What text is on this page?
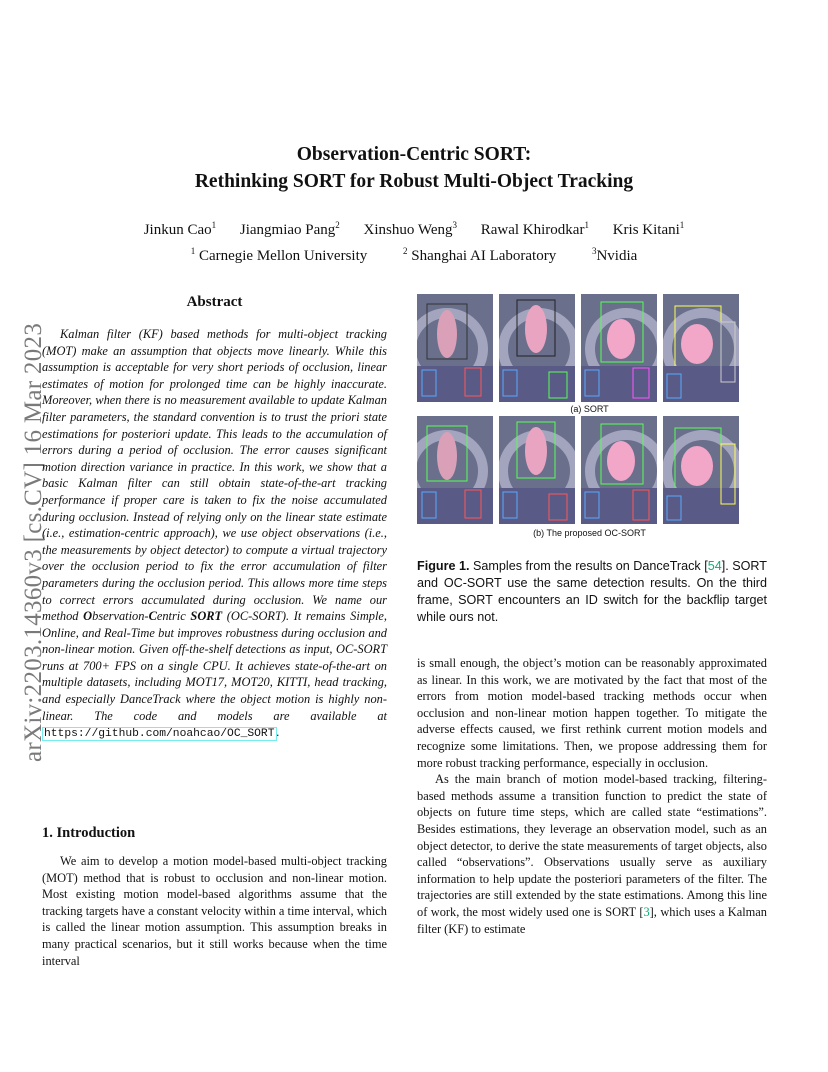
arXiv:2203.14360v3 [cs.CV] 16 Mar 2023
Observation-Centric SORT:
Rethinking SORT for Robust Multi-Object Tracking
Jinkun Cao$^1$ Jiangmiao Pang$^2$ Xinshuo Weng$^3$ Rawal Khirodkar$^1$ Kris Kitani$^1$
$^1$ Carnegie Mellon University	$^2$ Shanghai AI Laboratory	$^3$Nvidia
Abstract
Kalman filter (KF) based methods for multi-object tracking (MOT) make an assumption that objects move linearly. While this assumption is acceptable for very short periods of occlusion, linear estimates of motion for prolonged time can be highly inaccurate. Moreover, when there is no measurement available to update Kalman filter parameters, the standard convention is to trust the priori state estimations for posteriori update. This leads to the accumulation of errors during a period of occlusion. The error causes significant motion direction variance in practice. In this work, we show that a basic Kalman filter can still obtain state-of-the-art tracking performance if proper care is taken to fix the noise accumulated during occlusion. Instead of relying only on the linear state estimate (i.e., estimation-centric approach), we use object observations (i.e., the measurements by object detector) to compute a virtual trajectory over the occlusion period to fix the error accumulation of filter parameters during the occlusion period. This allows more time steps to correct errors accumulated during occlusion. We name our method Observation-Centric SORT (OC-SORT). It remains Simple, Online, and Real-Time but improves robustness during occlusion and non-linear motion. Given off-the-shelf detections as input, OC-SORT runs at 700+ FPS on a single CPU. It achieves state-of-the-art on multiple datasets, including MOT17, MOT20, KITTI, head tracking, and especially DanceTrack where the object motion is highly non-linear. The code and models are available at https://github.com/noahcao/OC_SORT .
1. Introduction
We aim to develop a motion model-based multi-object tracking (MOT) method that is robust to occlusion and non-linear motion. Most existing motion model-based algorithms assume that the tracking targets have a constant velocity within a time interval, which is called the linear motion assumption. This assumption breaks in many practical scenarios, but it still works because when the time interval
(a) SORT
(b) The proposed OC-SORT
Figure 1. Samples from the results on DanceTrack [54]. SORT and OC-SORT use the same detection results. On the third frame, SORT encounters an ID switch for the backflip target while ours not.

is small enough, the object’s motion can be reasonably approximated as linear. In this work, we are motivated by the fact that most of the errors from motion model-based tracking methods occur when occlusion and non-linear motion happen together. To mitigate the adverse effects caused, we first rethink current motion models and recognize some limitations. Then, we propose addressing them for more robust tracking performance, especially in occlusion.

As the main branch of motion model-based tracking, filtering-based methods assume a transition function to predict the state of objects on future time steps, which are called state “estimations”. Besides estimations, they leverage an observation model, such as an object detector, to derive the state measurements of target objects, also called “observations”. Observations usually serve as auxiliary information to help update the posteriori parameters of the filter. The trajectories are still extended by the state estimations. Among this line of work, the most widely used one is SORT [3], which uses a Kalman filter (KF) to estimate
